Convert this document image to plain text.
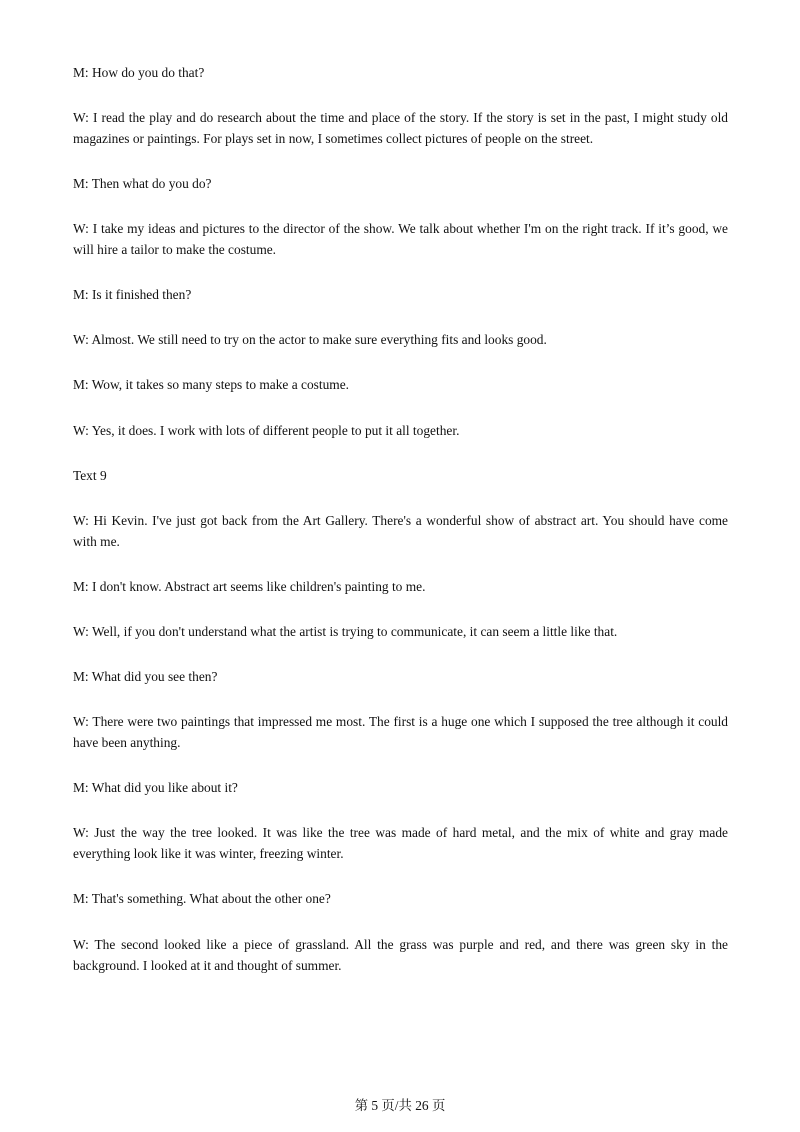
M: How do you do that?

W: I read the play and do research about the time and place of the story. If the story is set in the past, I might study old magazines or paintings. For plays set in now, I sometimes collect pictures of people on the street.

M: Then what do you do?

W: I take my ideas and pictures to the director of the show. We talk about whether I'm on the right track. If it’s good, we will hire a tailor to make the costume.

M: Is it finished then?

W: Almost. We still need to try on the actor to make sure everything fits and looks good.

M: Wow, it takes so many steps to make a costume.

W: Yes, it does. I work with lots of different people to put it all together.

Text 9

W: Hi Kevin. I've just got back from the Art Gallery. There's a wonderful show of abstract art. You should have come with me.

M: I don't know. Abstract art seems like children's painting to me.

W: Well, if you don't understand what the artist is trying to communicate, it can seem a little like that.

M: What did you see then?

W: There were two paintings that impressed me most. The first is a huge one which I supposed the tree although it could have been anything.

M: What did you like about it?

W: Just the way the tree looked. It was like the tree was made of hard metal, and the mix of white and gray made everything look like it was winter, freezing winter.

M: That's something. What about the other one?

W: The second looked like a piece of grassland. All the grass was purple and red, and there was green sky in the background. I looked at it and thought of summer.

第 5 页/共 26 页
